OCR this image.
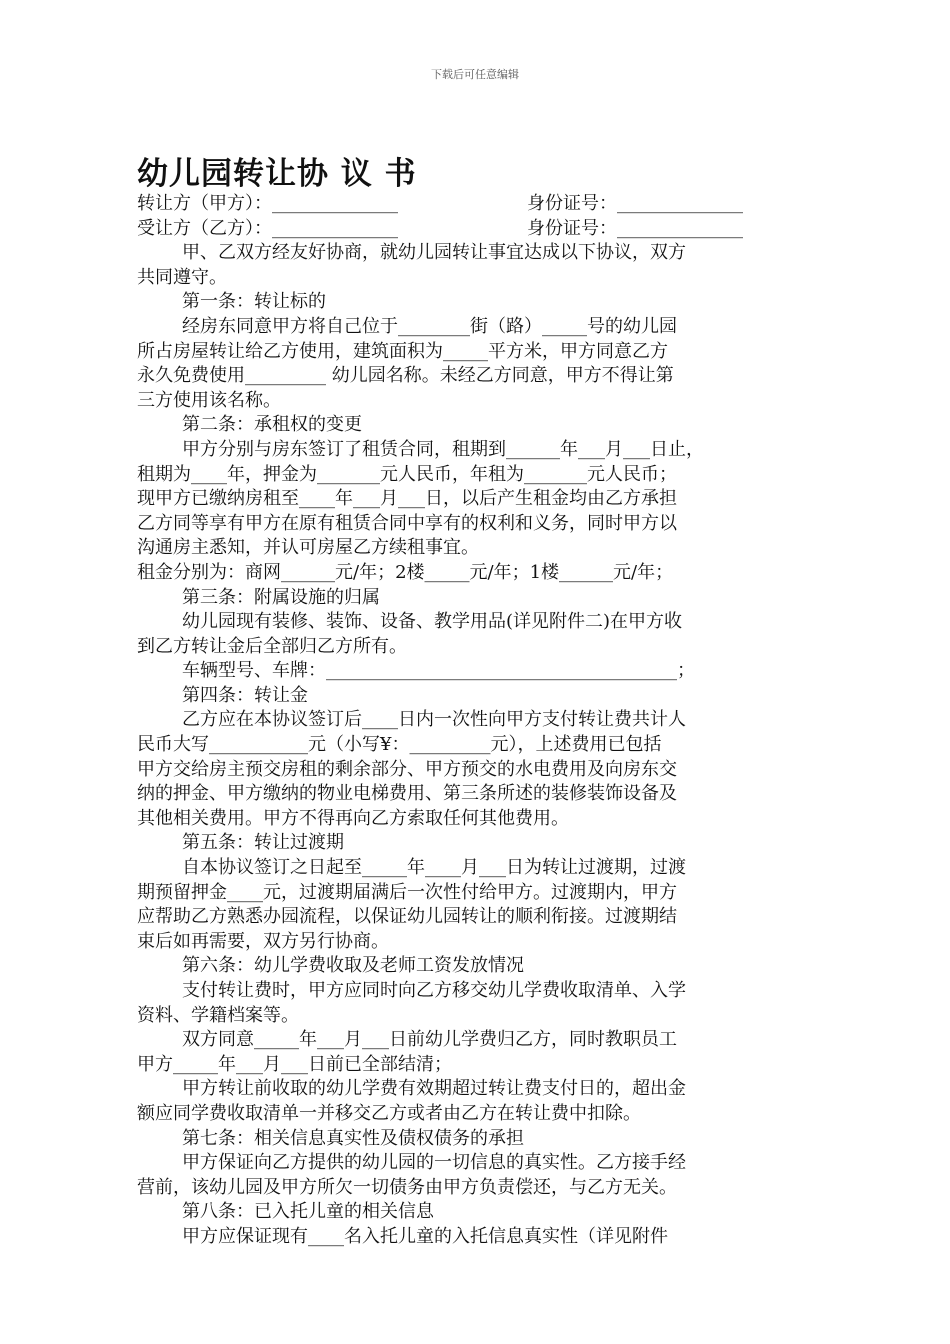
下载后可任意编辑
幼儿园转让协 议 书
转让方（甲方）：______________	身份证号：______________
受让方（乙方）：______________	身份证号：______________
甲、乙双方经友好协商，就幼儿园转让事宜达成以下协议，双方
共同遵守。
第一条：转让标的
经房东同意甲方将自己位于________街（路）_____号的幼儿园
所占房屋转让给乙方使用，建筑面积为_____平方米，甲方同意乙方
永久免费使用_________ 幼儿园名称。未经乙方同意，甲方不得让第
三方使用该名称。
第二条：承租权的变更
甲方分别与房东签订了租赁合同，租期到______年___月___日止，
租期为____年，押金为_______元人民币，年租为_______元人民币；
现甲方已缴纳房租至____年___月___日，以后产生租金均由乙方承担
乙方同等享有甲方在原有租赁合同中享有的权利和义务，同时甲方以
沟通房主悉知，并认可房屋乙方续租事宜。
租金分别为：商网______元/年；2楼_____元/年；1楼______元/年；
第三条：附属设施的归属
幼儿园现有装修、装饰、设备、教学用品(详见附件二)在甲方收
到乙方转让金后全部归乙方所有。
车辆型号、车牌：_______________________________________；
第四条：转让金
乙方应在本协议签订后____日内一次性向甲方支付转让费共计人
民币大写___________元（小写¥：_________元），上述费用已包括
甲方交给房主预交房租的剩余部分、甲方预交的水电费用及向房东交
纳的押金、甲方缴纳的物业电梯费用、第三条所述的装修装饰设备及
其他相关费用。甲方不得再向乙方索取任何其他费用。
第五条：转让过渡期
自本协议签订之日起至_____年____月___日为转让过渡期，过渡
期预留押金____元，过渡期届满后一次性付给甲方。过渡期内，甲方
应帮助乙方熟悉办园流程，以保证幼儿园转让的顺利衔接。过渡期结
束后如再需要，双方另行协商。
第六条：幼儿学费收取及老师工资发放情况
支付转让费时，甲方应同时向乙方移交幼儿学费收取清单、入学
资料、学籍档案等。
双方同意_____年___月___日前幼儿学费归乙方，同时教职员工
甲方_____年___月___日前已全部结清；
甲方转让前收取的幼儿学费有效期超过转让费支付日的，超出金
额应同学费收取清单一并移交乙方或者由乙方在转让费中扣除。
第七条：相关信息真实性及债权债务的承担
甲方保证向乙方提供的幼儿园的一切信息的真实性。乙方接手经
营前，该幼儿园及甲方所欠一切债务由甲方负责偿还，与乙方无关。
第八条：已入托儿童的相关信息
甲方应保证现有____名入托儿童的入托信息真实性（详见附件
